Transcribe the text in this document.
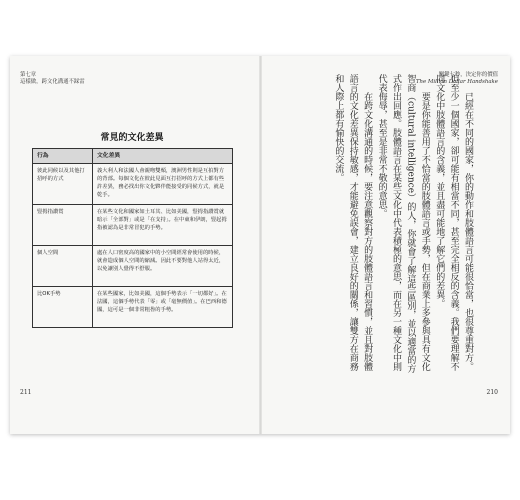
第七章
這樣做，跨文化溝通不踩雷
常見的文化差異
行為	文化差異
彼此同候以及其他打招呼的方式	義大利人和法國人會親吻雙頰，澳洲男性則是互拍對方的背部。每個文化在彼此見面互打招呼的方式上都有些許差異，務必找出你文化夥伴能接受的同候方式，就是乾手。
豎拇指讚賞	在某些文化和國家如土耳其、比如美國，豎拇指讚賞就暗示「全部對」或是「在支持」。在中東和伊朗，豎起拇指被認為是非常冒犯的手勢。
個人空間	處在人口密度高的國家中的小空間經常會使用的時候，就會造成個人空間的縮減。因此不要對他人站得太近，以免讓別人覺得不舒服。
比OK手勢	在某些國家，比如美國，這個手勢表示「一切都好」。在法國，這個手勢代表「零」或「毫無價值」。在巴西和德國，這可是一個非常粗魯的手勢。
211
關鍵七秒，決定你的價值
The Million Dollar Handshake

已經在不同的國家，你的動作和肢體語言可能很恰當，也很尊重對方。但至少一個國家，卻可能有相當不同，甚至完全相反的含義。我們要理解不同文化中肢體語言的含義，並且盡可能地了解它們的差異。

要是你能善用了不恰當的肢體語言或手勢，但在商業上多參與具有文化智商（cultural intelligence）的人，你就會了解這些區別，並以適當的方式作出回應。肢體語言在某些文化中代表積極的意思，而在另一種文化中則代表侮辱，甚至是非常不敬的意思。

在跨文化溝通的時候，要注意觀察對方的肢體語言和習慣，並且對肢體語言的文化差異保持敏感，才能避免誤會，建立良好的關係，讓雙方在商務和人際上都有愉快的交流。

210
